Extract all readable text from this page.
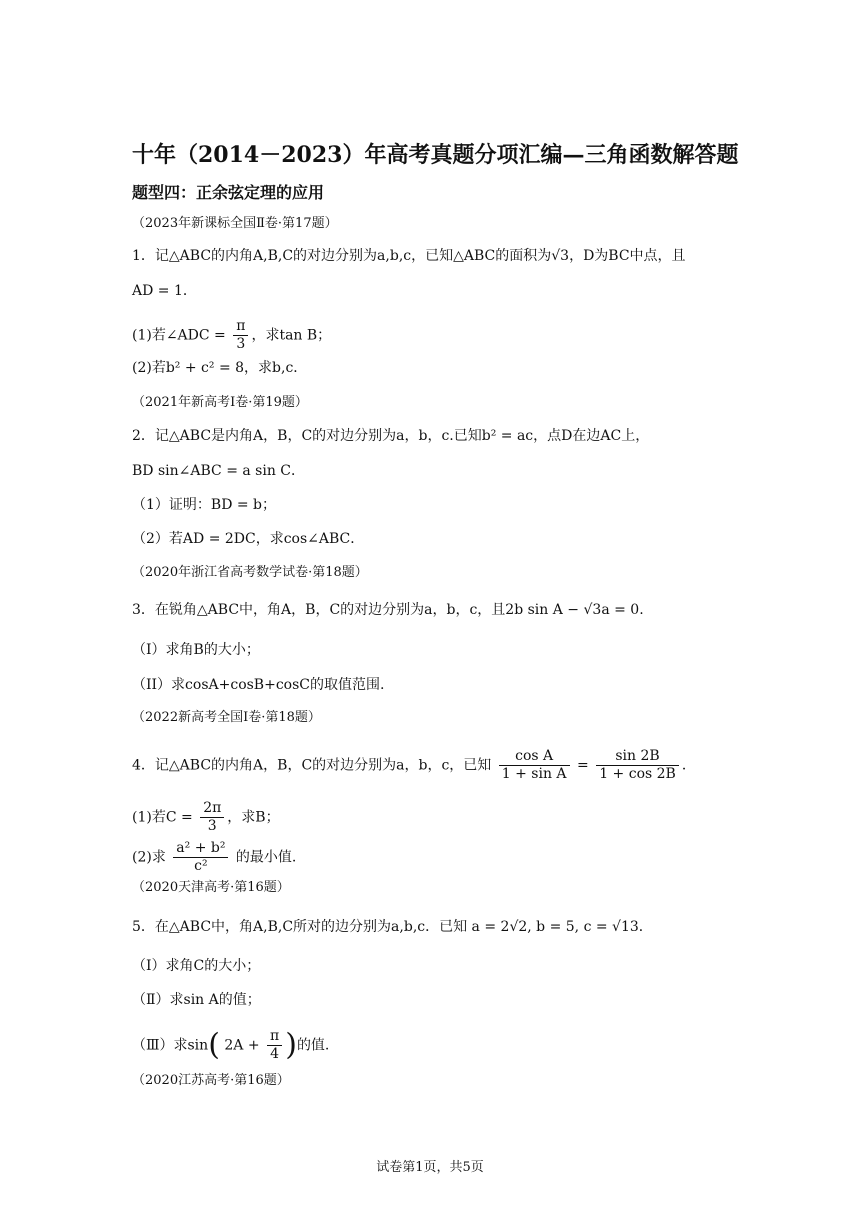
十年（2014－2023）年高考真题分项汇编—三角函数解答题
题型四：正余弦定理的应用
（2023年新课标全国Ⅱ卷·第17题）
1．记△ABC的内角A,B,C的对边分别为a,b,c，已知△ABC的面积为√3，D为BC中点，且
AD = 1．
(1)若∠ADC = $\frac{\pi}{3}$ ，求tan B；
(2)若b² + c² = 8，求b,c．
（2021年新高考Ⅰ卷·第19题）
2．记△ABC是内角A，B，C的对边分别为a，b，c.已知b² = ac，点D在边AC上，
BD sin∠ABC = a sin C．
（1）证明：BD = b；
（2）若AD = 2DC，求cos∠ABC．
（2020年浙江省高考数学试卷·第18题）
3．在锐角△ABC中，角A，B，C的对边分别为a，b，c，且2b sin A − √3a = 0.
（I）求角B的大小；
（II）求cosA+cosB+cosC的取值范围.
（2022新高考全国I卷·第18题）
4．记△ABC的内角A，B，C的对边分别为a，b，c，已知 $\frac{\text{cos A}}{\text{1 + sin A}} = \frac{\sin 2B}{1 + \cos 2B}$ ．
(1)若$C = \frac{2\pi}{3}$ ，求B；
(2)求 $\frac{\text{a² + b²}}{\text{c²}}$ 的最小值.
（2020天津高考·第16题）
5．在△ABC中，角A,B,C所对的边分别为a,b,c．已知 a = 2√2, b = 5, c = √13．
（Ⅰ）求角C的大小；
（Ⅱ）求sin A的值；
（Ⅲ）求sin( $2A + \frac{\pi}{4}$ )的值.
（2020江苏高考·第16题）
试卷第1页，共5页
